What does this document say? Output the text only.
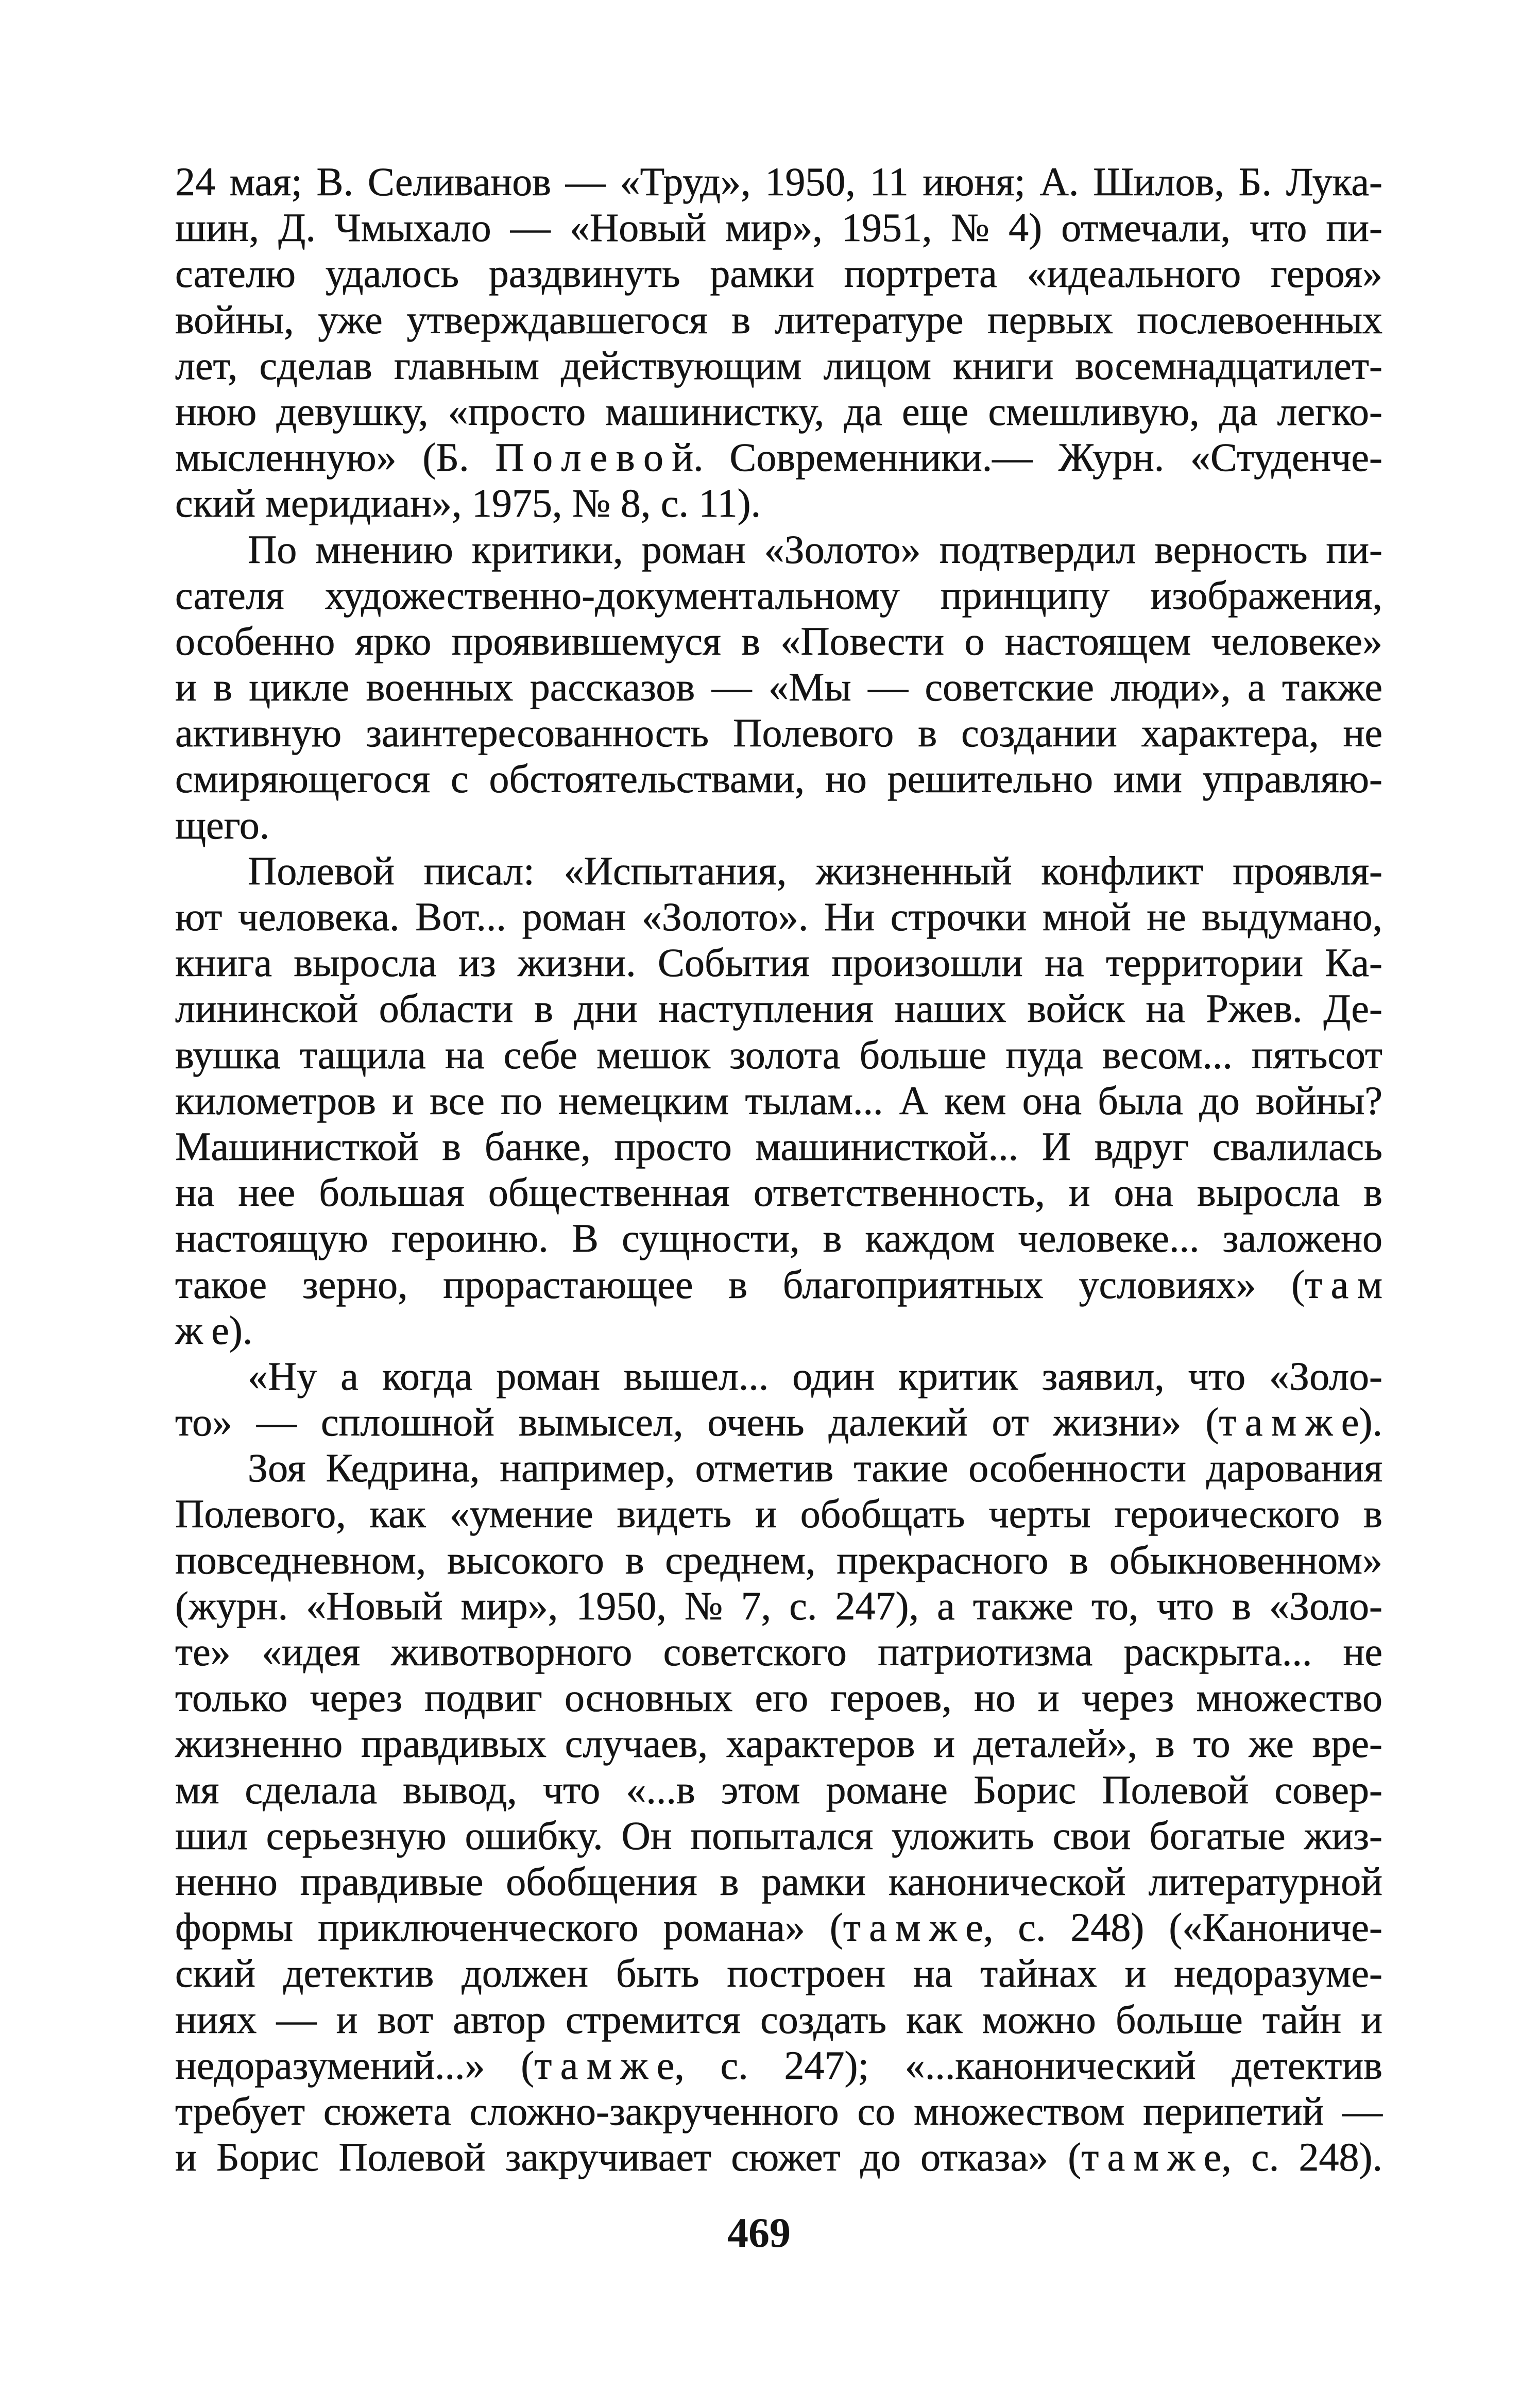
24 мая; В. Селиванов — «Труд», 1950, 11 июня; А. Шилов, Б. Лука-
шин, Д. Чмыхало — «Новый мир», 1951, № 4) отмечали, что пи-
сателю удалось раздвинуть рамки портрета «идеального героя»
войны, уже утверждавшегося в литературе первых послевоенных
лет, сделав главным действующим лицом книги восемнадцатилет-
нюю девушку, «просто машинистку, да еще смешливую, да легко-
мысленную» (Б. П о л е в о й. Современники.— Журн. «Студенче-
ский меридиан», 1975, № 8, с. 11).
По мнению критики, роман «Золото» подтвердил верность пи-
сателя художественно-документальному принципу изображения,
особенно ярко проявившемуся в «Повести о настоящем человеке»
и в цикле военных рассказов — «Мы — советские люди», а также
активную заинтересованность Полевого в создании характера, не
смиряющегося с обстоятельствами, но решительно ими управляю-
щего.
Полевой писал: «Испытания, жизненный конфликт проявля-
ют человека. Вот... роман «Золото». Ни строчки мной не выдумано,
книга выросла из жизни. События произошли на территории Ка-
лининской области в дни наступления наших войск на Ржев. Де-
вушка тащила на себе мешок золота больше пуда весом... пятьсот
километров и все по немецким тылам... А кем она была до войны?
Машинисткой в банке, просто машинисткой... И вдруг свалилась
на нее большая общественная ответственность, и она выросла в
настоящую героиню. В сущности, в каждом человеке... заложено
такое зерно, прорастающее в благоприятных условиях» (т а м
ж е).
«Ну а когда роман вышел... один критик заявил, что «Золо-
то» — сплошной вымысел, очень далекий от жизни» (т а м ж е).
Зоя Кедрина, например, отметив такие особенности дарования
Полевого, как «умение видеть и обобщать черты героического в
повседневном, высокого в среднем, прекрасного в обыкновенном»
(журн. «Новый мир», 1950, № 7, с. 247), а также то, что в «Золо-
те» «идея животворного советского патриотизма раскрыта... не
только через подвиг основных его героев, но и через множество
жизненно правдивых случаев, характеров и деталей», в то же вре-
мя сделала вывод, что «...в этом романе Борис Полевой совер-
шил серьезную ошибку. Он попытался уложить свои богатые жиз-
ненно правдивые обобщения в рамки канонической литературной
формы приключенческого романа» (т а м ж е, с. 248) («Канониче-
ский детектив должен быть построен на тайнах и недоразуме-
ниях — и вот автор стремится создать как можно больше тайн и
недоразумений...» (т а м ж е, с. 247); «...канонический детектив
требует сюжета сложно-закрученного со множеством перипетий —
и Борис Полевой закручивает сюжет до отказа» (т а м ж е, с. 248).
469
